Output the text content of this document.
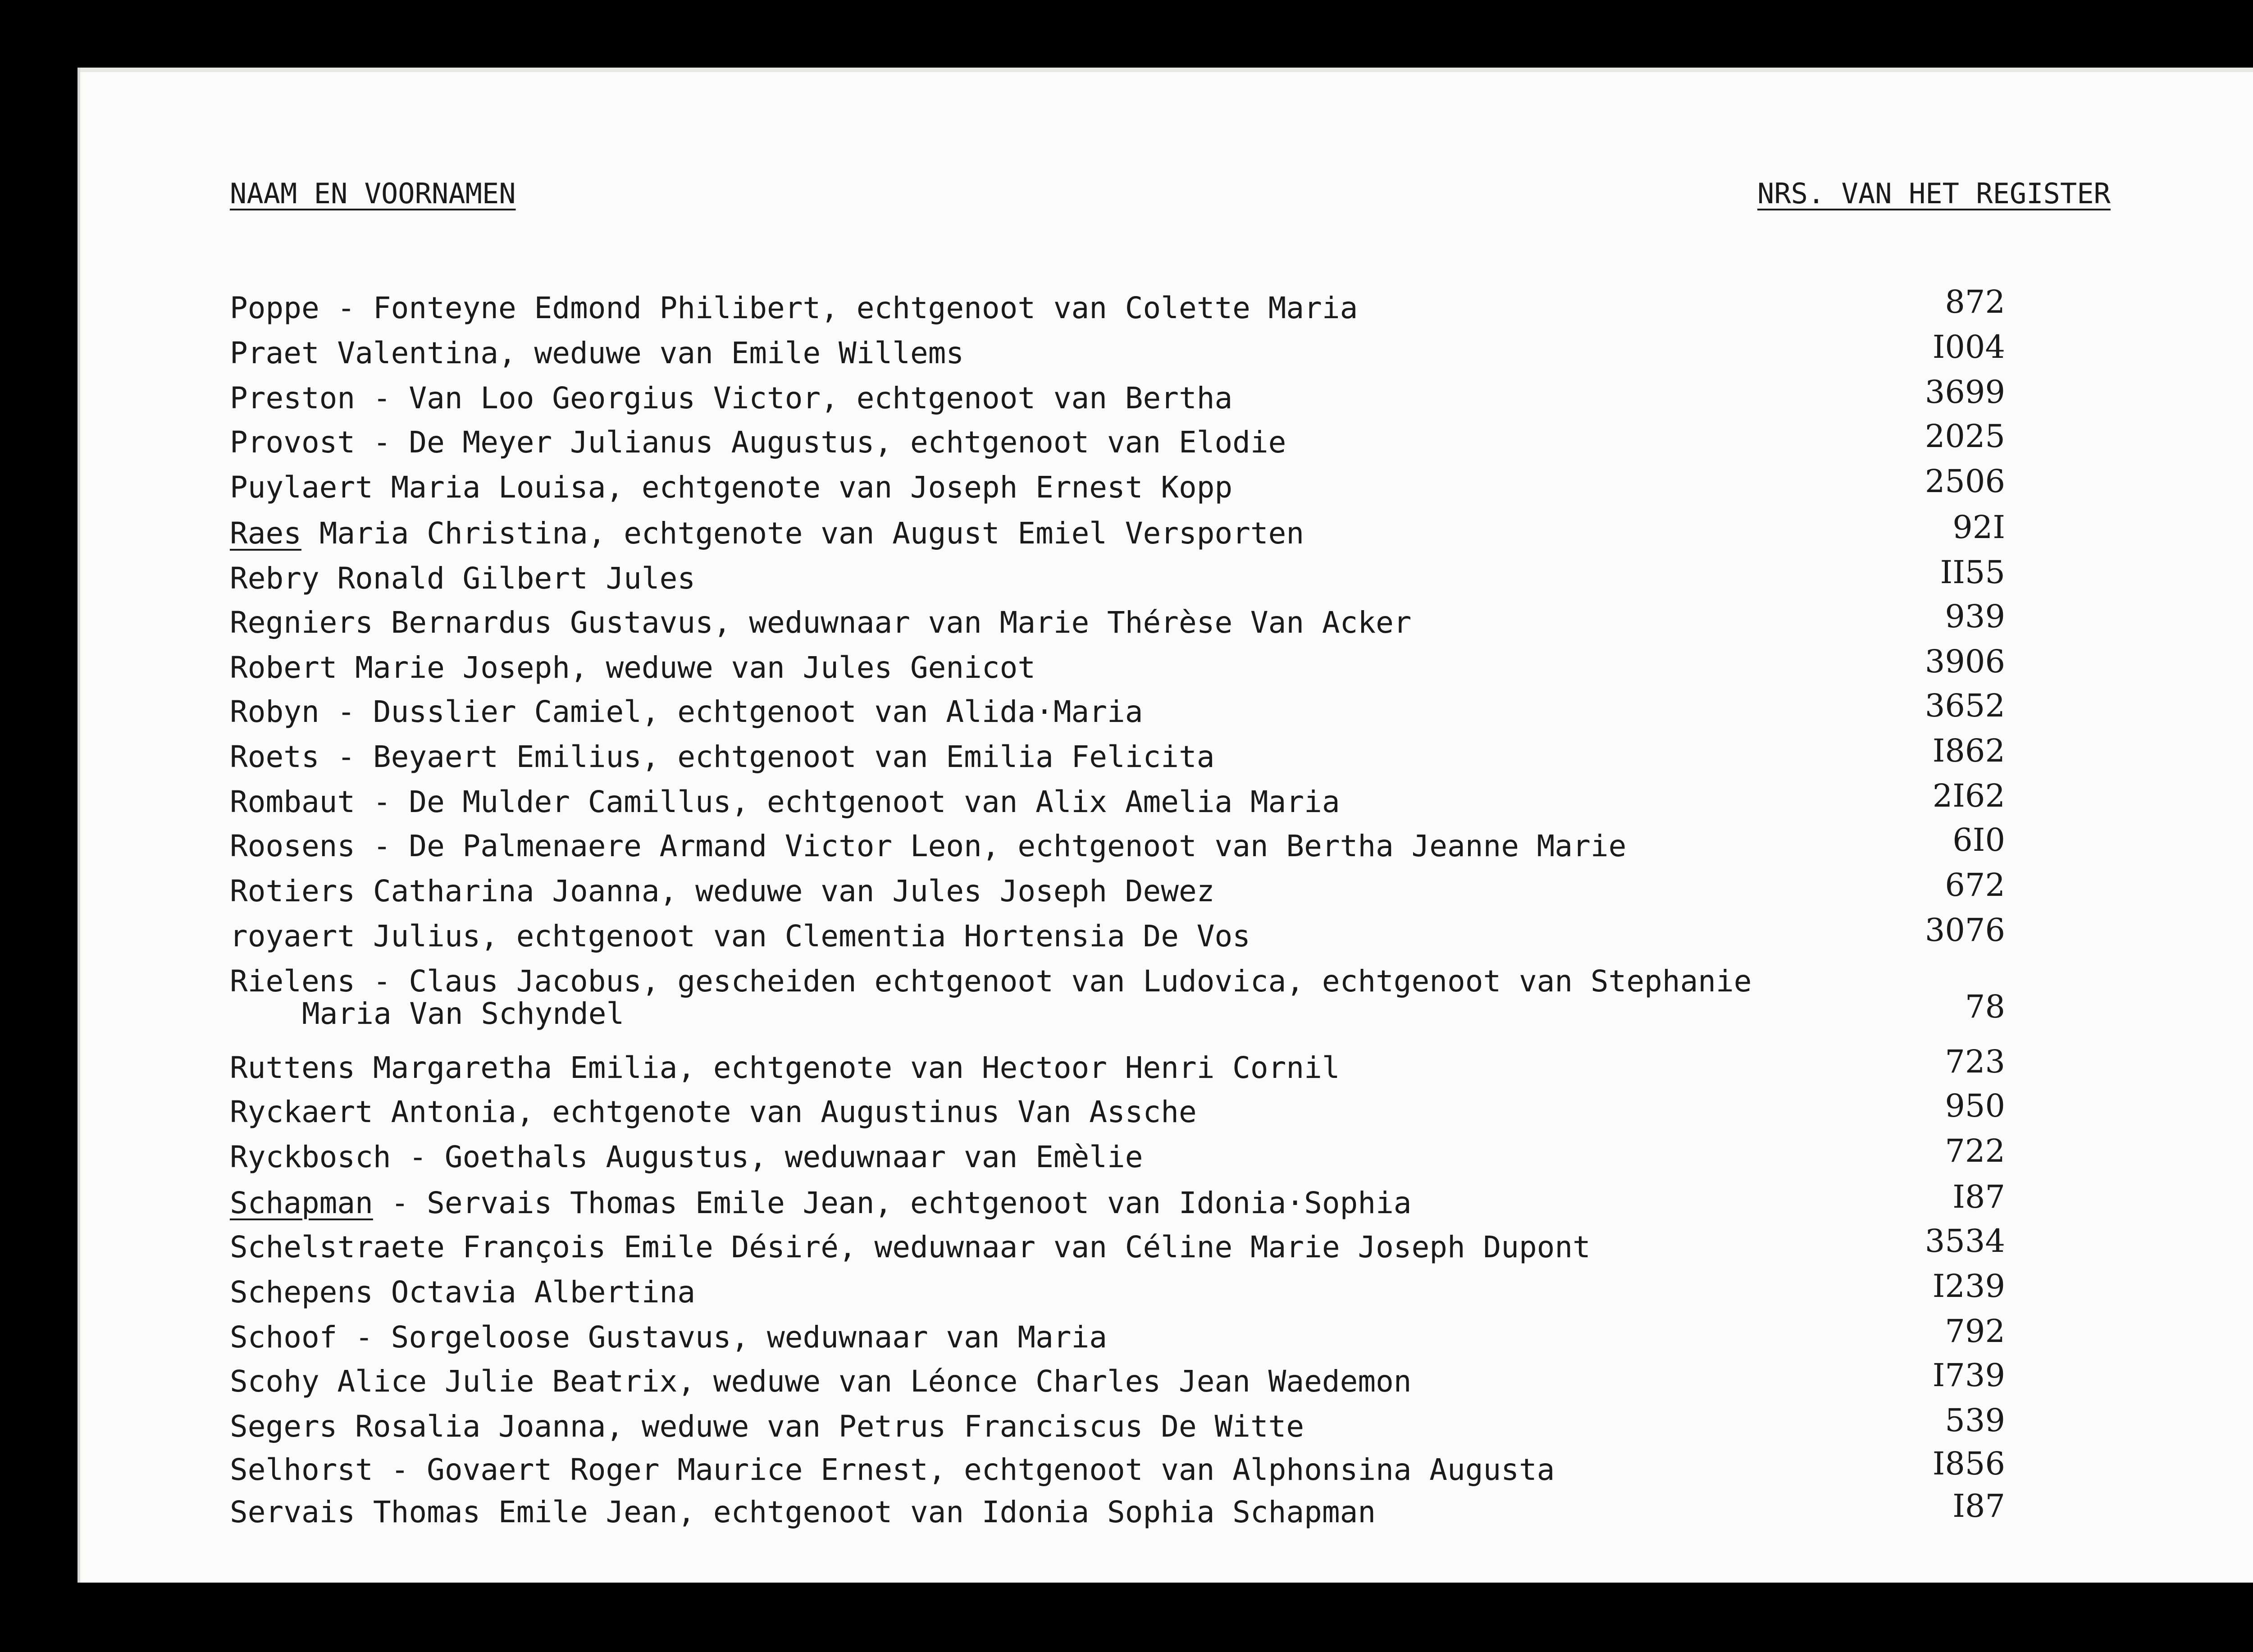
NAAM EN VOORNAMEN	NRS. VAN HET REGISTER
Poppe - Fonteyne Edmond Philibert, echtgenoot van Colette Maria	872
Praet Valentina, weduwe van Emile Willems	I004
Preston - Van Loo Georgius Victor, echtgenoot van Bertha	3699
Provost - De Meyer Julianus Augustus, echtgenoot van Elodie	2025
Puylaert Maria Louisa, echtgenote van Joseph Ernest Kopp	2506
Raes Maria Christina, echtgenote van August Emiel Versporten	92I
Rebry Ronald Gilbert Jules	II55
Regniers Bernardus Gustavus, weduwnaar van Marie Thérèse Van Acker	939
Robert Marie Joseph, weduwe van Jules Genicot	3906
Robyn - Dusslier Camiel, echtgenoot van Alida·Maria	3652
Roets - Beyaert Emilius, echtgenoot van Emilia Felicita	I862
Rombaut - De Mulder Camillus, echtgenoot van Alix Amelia Maria	2I62
Roosens - De Palmenaere Armand Victor Leon, echtgenoot van Bertha Jeanne Marie	6I0
Rotiers Catharina Joanna, weduwe van Jules Joseph Dewez	672
royaert Julius, echtgenoot van Clementia Hortensia De Vos	3076
Rielens - Claus Jacobus, gescheiden echtgenoot van Ludovica, echtgenoot van Stephanie
Maria Van Schyndel	78
Ruttens Margaretha Emilia, echtgenote van Hectoor Henri Cornil	723
Ryckaert Antonia, echtgenote van Augustinus Van Assche	950
Ryckbosch - Goethals Augustus, weduwnaar van Emèlie	722
Schapman - Servais Thomas Emile Jean, echtgenoot van Idonia·Sophia	I87
Schelstraete François Emile Désiré, weduwnaar van Céline Marie Joseph Dupont	3534
Schepens Octavia Albertina	I239
Schoof - Sorgeloose Gustavus, weduwnaar van Maria	792
Scohy Alice Julie Beatrix, weduwe van Léonce Charles Jean Waedemon	I739
Segers Rosalia Joanna, weduwe van Petrus Franciscus De Witte	539
Selhorst - Govaert Roger Maurice Ernest, echtgenoot van Alphonsina Augusta	I856
Servais Thomas Emile Jean, echtgenoot van Idonia Sophia Schapman	I87
